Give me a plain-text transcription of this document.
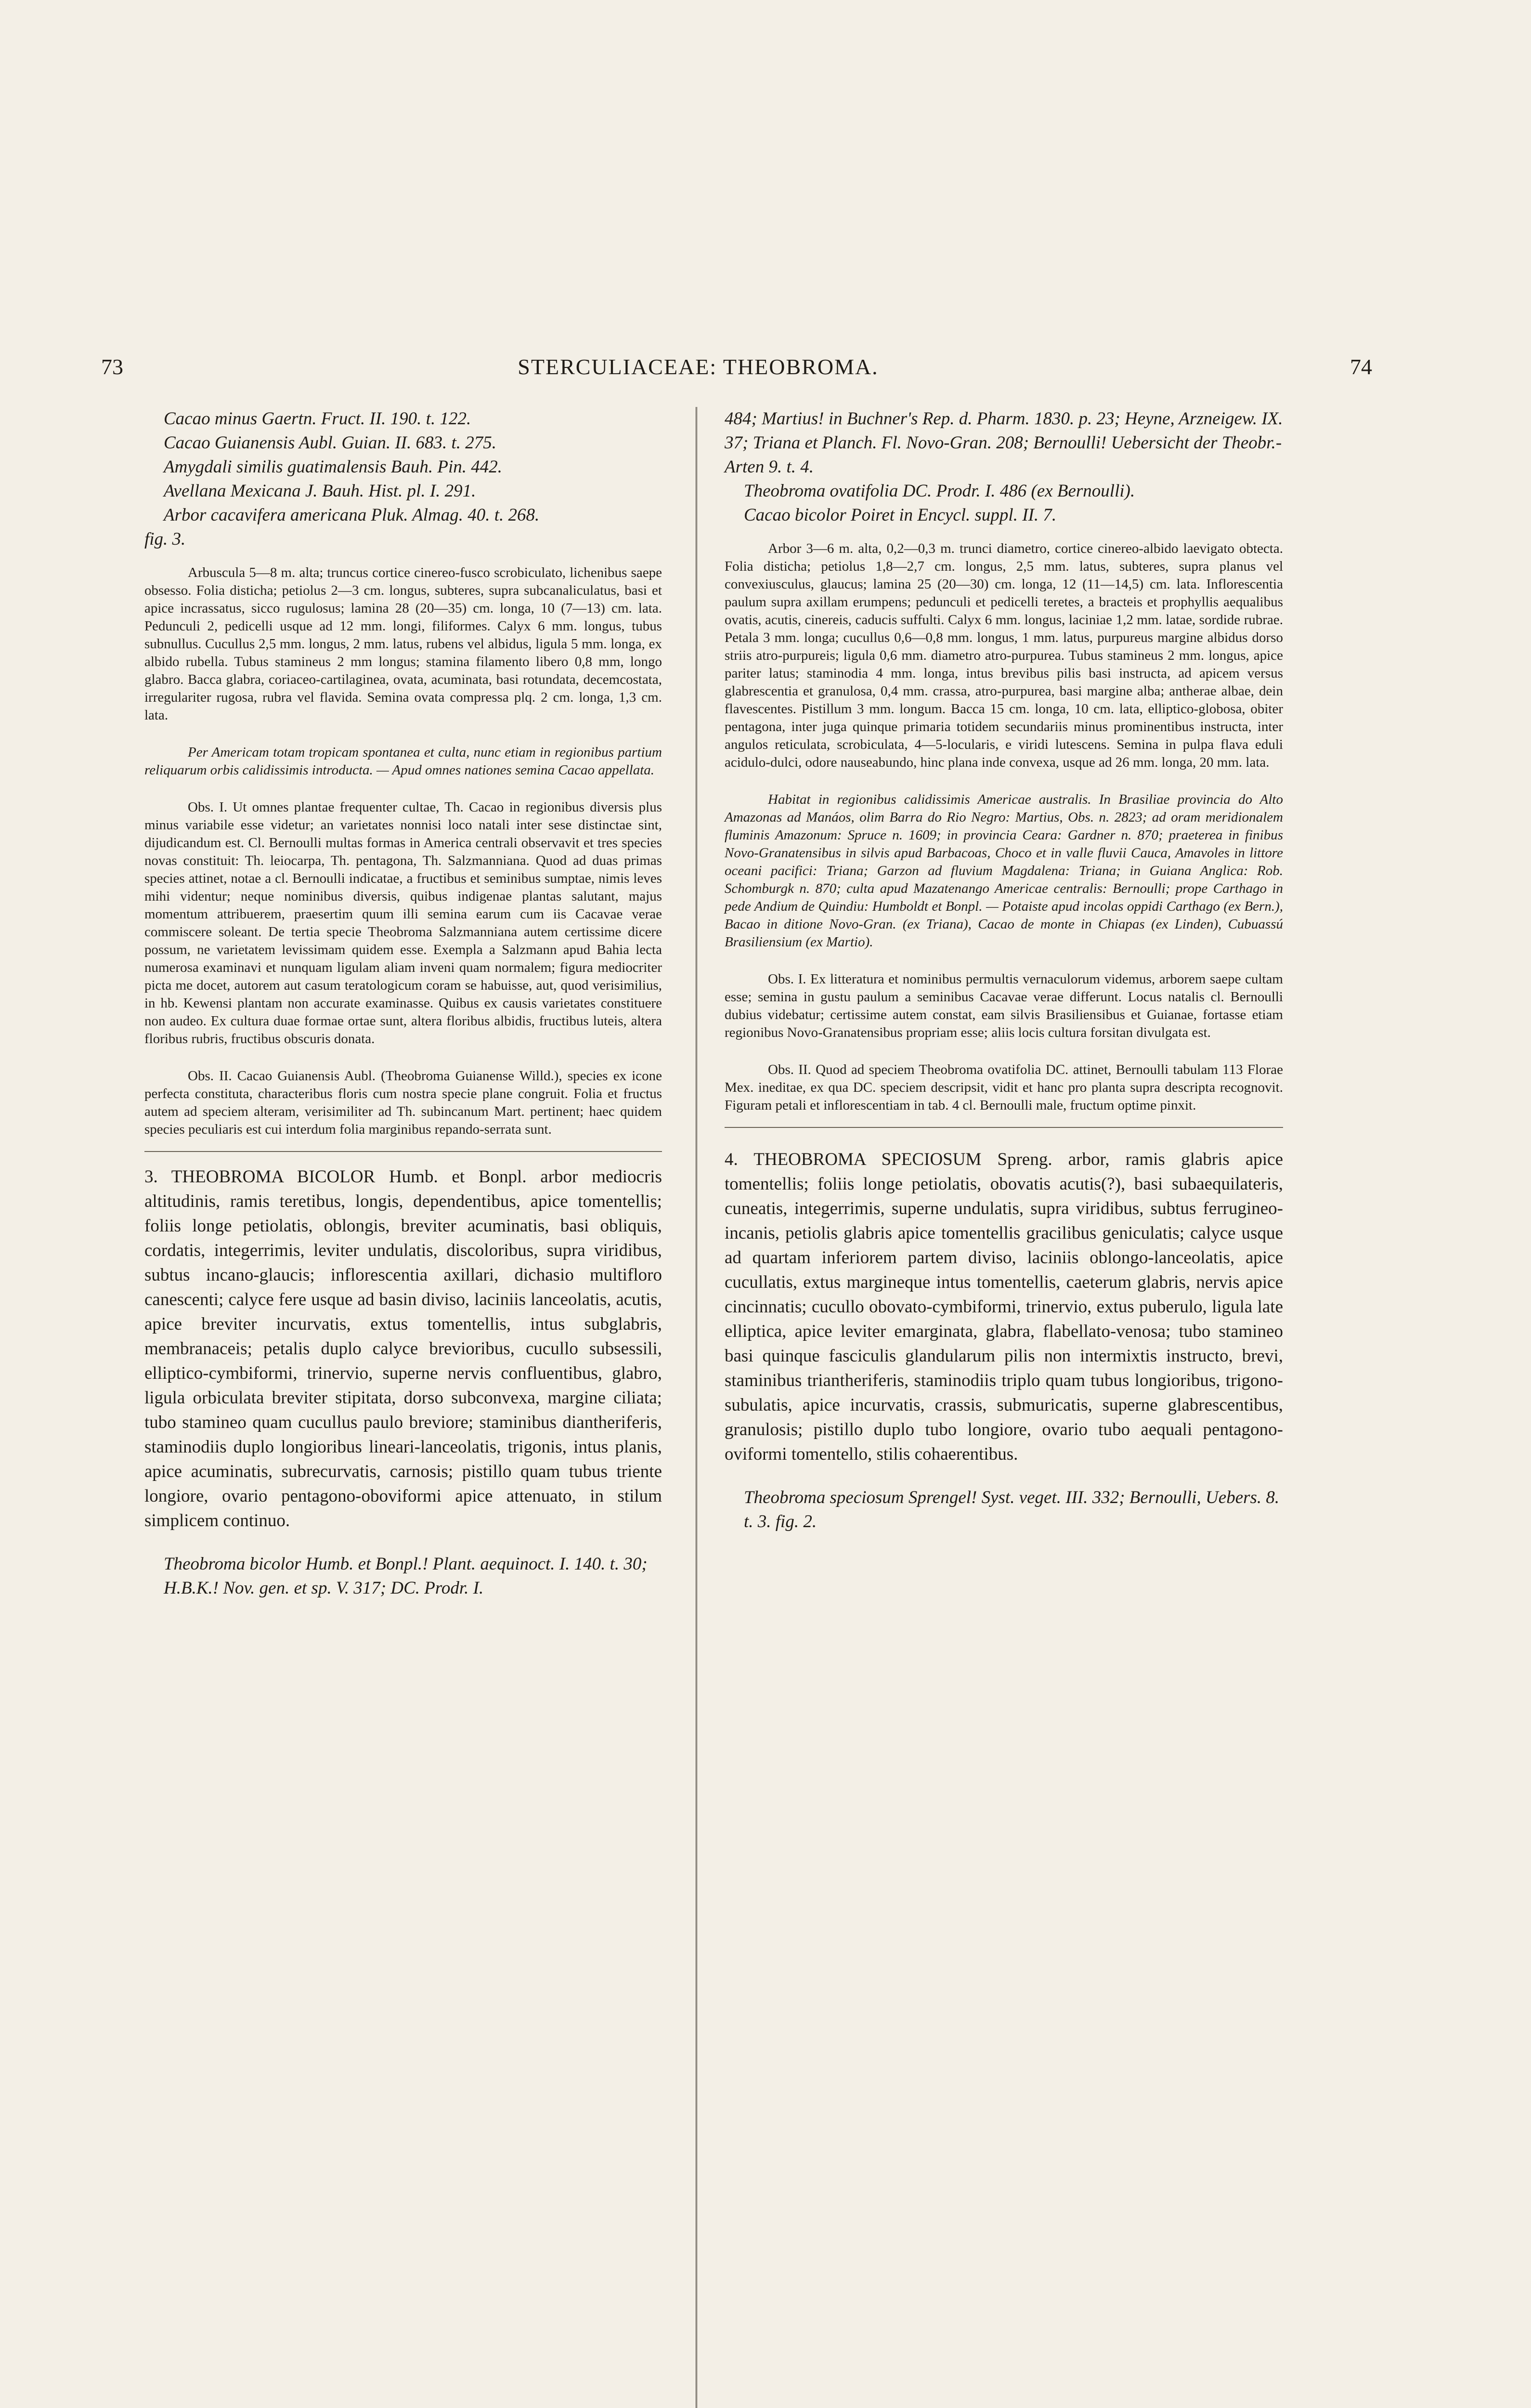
73	STERCULIACEAE: THEOBROMA.	74

Cacao minus Gaertn. Fruct. II. 190. t. 122.

Cacao Guianensis Aubl. Guian. II. 683. t. 275.

Amygdali similis guatimalensis Bauh. Pin. 442.

Avellana Mexicana J. Bauh. Hist. pl. I. 291.

Arbor cacavifera americana Pluk. Almag. 40. t. 268.

fig. 3.

Arbuscula 5—8 m. alta; truncus cortice cinereo-fusco scrobiculato, lichenibus saepe obsesso. Folia disticha; petiolus 2—3 cm. longus, subteres, supra subcanaliculatus, basi et apice incrassatus, sicco rugulosus; lamina 28 (20—35) cm. longa, 10 (7—13) cm. lata. Pedunculi 2, pedicelli usque ad 12 mm. longi, filiformes. Calyx 6 mm. longus, tubus subnullus. Cucullus 2,5 mm. longus, 2 mm. latus, rubens vel albidus, ligula 5 mm. longa, ex albido rubella. Tubus staminеus 2 mm longus; stamina filamento libero 0,8 mm, longo glabro. Bacca glabra, coriaceo-cartilaginea, ovata, acuminata, basi rotundata, decemcostata, irregulariter rugosa, rubra vel flavida. Semina ovata compressa plq. 2 cm. longa, 1,3 cm. lata.

Per Americam totam tropicam spontanea et culta, nunc etiam in regionibus partium reliquarum orbis calidissimis introducta. — Apud omnes nationes semina Cacao appellata.

Obs. I. Ut omnes plantae frequenter cultae, Th. Cacao in regionibus diversis plus minus variabile esse videtur; an varietates nonnisi loco natali inter sese distinctae sint, dijudicandum est. Cl. Bernoulli multas formas in America centrali observavit et tres species novas constituit: Th. leiocarpa, Th. pentagona, Th. Salzmanniana. Quod ad duas primas species attinet, notae a cl. Bernoulli indicatae, a fructibus et seminibus sumptae, nimis leves mihi videntur; neque nominibus diversis, quibus indigenae plantas salutant, majus momentum attribuerem, praesertim quum illi semina earum cum iis Cacavae verae commiscere soleant. De tertia specie Theobroma Salzmanniana autem certissime dicere possum, ne varietatem levissimam quidem esse. Exempla a Salzmann apud Bahia lecta numerosa examinavi et nunquam ligulam aliam inveni quam normalem; figura mediocriter picta me docet, autorem aut casum teratologicum coram se habuisse, aut, quod verisimilius, in hb. Kewensi plantam non accurate examinasse. Quibus ex causis varietates constituere non audeo. Ex cultura duae formae ortae sunt, altera floribus albidis, fructibus luteis, altera floribus rubris, fructibus obscuris donata.

Obs. II. Cacao Guianensis Aubl. (Theobroma Guianense Willd.), species ex icone perfecta constituta, characteribus floris cum nostra specie plane congruit. Folia et fructus autem ad speciem alteram, verisimiliter ad Th. subincanum Mart. pertinent; haec quidem species peculiaris est cui interdum folia marginibus repando-serrata sunt.

3. THEOBROMA BICOLOR Humb. et Bonpl. arbor mediocris altitudinis, ramis teretibus, longis, dependentibus, apice tomentellis; foliis longe petiolatis, oblongis, breviter acuminatis, basi obliquis, cordatis, integerrimis, leviter undulatis, discoloribus, supra viridibus, subtus incano-glaucis; inflorescentia axillari, dichasio multifloro canescenti; calyce fere usque ad basin diviso, laciniis lanceolatis, acutis, apice breviter incurvatis, extus tomentellis, intus subglabris, membranaceis; petalis duplo calyce brevioribus, cucullo subsessili, elliptico-cymbiformi, trinervio, superne nervis confluentibus, glabro, ligula orbiculata breviter stipitata, dorso subconvexa, margine ciliata; tubo stamineo quam cucullus paulo breviore; staminibus diantheriferis, staminodiis duplo longioribus lineari-lanceolatis, trigonis, intus planis, apice acuminatis, subrecurvatis, carnosis; pistillo quam tubus triente longiore, ovario pentagono-oboviformi apice attenuato, in stilum simplicem continuo.

Theobroma bicolor Humb. et Bonpl.! Plant. aequinoct. I. 140. t. 30; H.B.K.! Nov. gen. et sp. V. 317; DC. Prodr. I.

484; Martius! in Buchner's Rep. d. Pharm. 1830. p. 23; Heyne, Arzneigew. IX. 37; Triana et Planch. Fl. Novo-Gran. 208; Bernoulli! Uebersicht der Theobr.-Arten 9. t. 4.

Theobroma ovatifolia DC. Prodr. I. 486 (ex Bernoulli).

Cacao bicolor Poiret in Encycl. suppl. II. 7.

Arbor 3—6 m. alta, 0,2—0,3 m. trunci diametro, cortice cinereo-albido laevigato obtecta. Folia disticha; petiolus 1,8—2,7 cm. longus, 2,5 mm. latus, subteres, supra planus vel convexiusculus, glaucus; lamina 25 (20—30) cm. longa, 12 (11—14,5) cm. lata. Inflorescentia paulum supra axillam erumpens; pedunculi et pedicelli teretes, a bracteis et prophyllis aequalibus ovatis, acutis, cinereis, caducis suffulti. Calyx 6 mm. longus, laciniae 1,2 mm. latae, sordide rubrae. Petala 3 mm. longa; cucullus 0,6—0,8 mm. longus, 1 mm. latus, purpureus margine albidus dorso striis atro-purpureis; ligula 0,6 mm. diametro atro-purpurea. Tubus stamineus 2 mm. longus, apice pariter latus; staminodia 4 mm. longa, intus brevibus pilis basi instructa, ad apicem versus glabrescentia et granulosa, 0,4 mm. crassa, atro-purpurea, basi margine alba; antherae albae, dein flavescentes. Pistillum 3 mm. longum. Bacca 15 cm. longa, 10 cm. lata, elliptico-globosa, obiter pentagona, inter juga quinque primaria totidem secundariis minus prominentibus instructa, inter angulos reticulata, scrobiculata, 4—5-locularis, e viridi lutescens. Semina in pulpa flava eduli acidulo-dulci, odore nauseabundo, hinc plana inde convexa, usque ad 26 mm. longa, 20 mm. lata.

Habitat in regionibus calidissimis Americae australis. In Brasiliae provincia do Alto Amazonas ad Manáos, olim Barra do Rio Negro: Martius, Obs. n. 2823; ad oram meridionalem fluminis Amazonum: Spruce n. 1609; in provincia Ceara: Gardner n. 870; praeterea in finibus Novo-Granatensibus in silvis apud Barbacoas, Choco et in valle fluvii Cauca, Amavoles in littore oceani pacifici: Triana; Garzon ad fluvium Magdalena: Triana; in Guiana Anglica: Rob. Schomburgk n. 870; culta apud Mazatenango Americae centralis: Bernoulli; prope Carthago in pede Andium de Quindiu: Humboldt et Bonpl. — Potaiste apud incolas oppidi Carthago (ex Bern.), Bacao in ditione Novo-Gran. (ex Triana), Cacao de monte in Chiapas (ex Linden), Cubuassú Brasiliensium (ex Martio).

Obs. I. Ex litteratura et nominibus permultis vernaculorum videmus, arborem saepe cultam esse; semina in gustu paulum a seminibus Cacavae verae differunt. Locus natalis cl. Bernoulli dubius videbatur; certissime autem constat, eam silvis Brasiliensibus et Guianae, fortasse etiam regionibus Novo-Granatensibus propriam esse; aliis locis cultura forsitan divulgata est.

Obs. II. Quod ad speciem Theobroma ovatifolia DC. attinet, Bernoulli tabulam 113 Florae Mex. ineditae, ex qua DC. speciem descripsit, vidit et hanc pro planta supra descripta recognovit. Figuram petali et inflorescentiam in tab. 4 cl. Bernoulli male, fructum optime pinxit.

4. THEOBROMA SPECIOSUM Spreng. arbor, ramis glabris apice tomentellis; foliis longe petiolatis, obovatis acutis(?), basi subaequilateris, cuneatis, integerrimis, superne undulatis, supra viridibus, subtus ferrugineo-incanis, petiolis glabris apice tomentellis gracilibus geniculatis; calyce usque ad quartam inferiorem partem diviso, laciniis oblongo-lanceolatis, apice cucullatis, extus margineque intus tomentellis, caeterum glabris, nervis apice cincinnatis; cucullo obovato-cymbiformi, trinervio, extus puberulo, ligula late elliptica, apice leviter emarginata, glabra, flabellato-venosa; tubo stamineo basi quinque fasciculis glandularum pilis non intermixtis instructo, brevi, staminibus triantheriferis, staminodiis triplo quam tubus longioribus, trigono-subulatis, apice incurvatis, crassis, submuricatis, superne glabrescentibus, granulosis; pistillo duplo tubo longiore, ovario tubo aequali pentagono-oviformi tomentello, stilis cohaerentibus.

Theobroma speciosum Sprengel! Syst. veget. III. 332; Bernoulli, Uebers. 8. t. 3. fig. 2.
